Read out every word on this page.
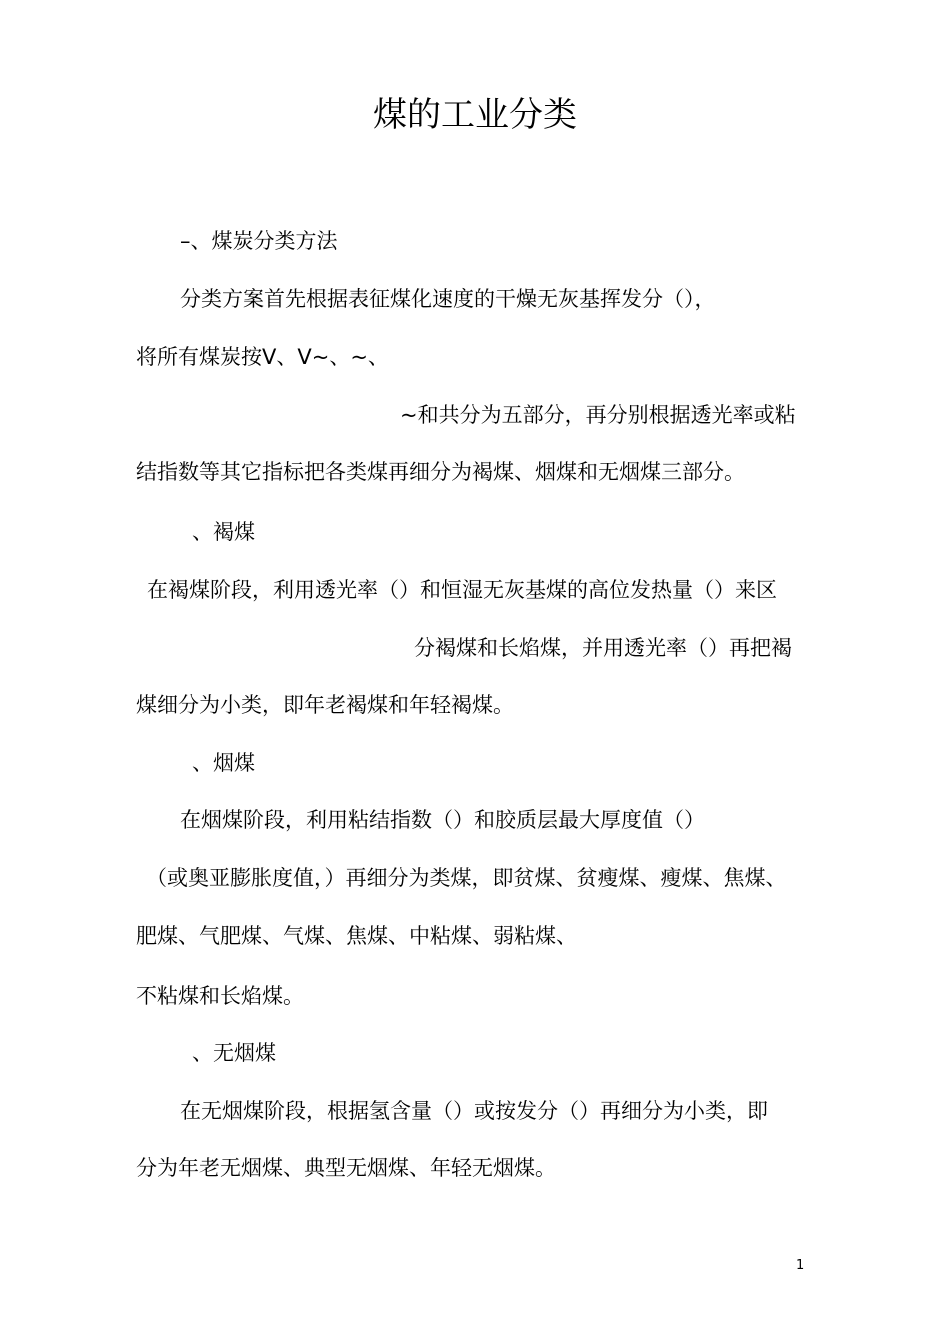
煤的工业分类

–、煤炭分类方法

分类方案首先根据表征煤化速度的干燥无灰基挥发分（），

将所有煤炭按Ⅴ、Ⅴ~、~、

~和共分为五部分，再分别根据透光率或粘

结指数等其它指标把各类煤再细分为褐煤、烟煤和无烟煤三部分。

、褐煤

在褐煤阶段，利用透光率（）和恒湿无灰基煤的高位发热量（）来区

分褐煤和长焰煤，并用透光率（）再把褐

煤细分为小类，即年老褐煤和年轻褐煤。

、烟煤

在烟煤阶段，利用粘结指数（）和胶质层最大厚度值（）

（或奥亚膨胀度值，）再细分为类煤，即贫煤、贫瘦煤、瘦煤、焦煤、

肥煤、气肥煤、气煤、焦煤、中粘煤、弱粘煤、

不粘煤和长焰煤。

、无烟煤

在无烟煤阶段，根据氢含量（）或按发分（）再细分为小类，即

分为年老无烟煤、典型无烟煤、年轻无烟煤。

1
